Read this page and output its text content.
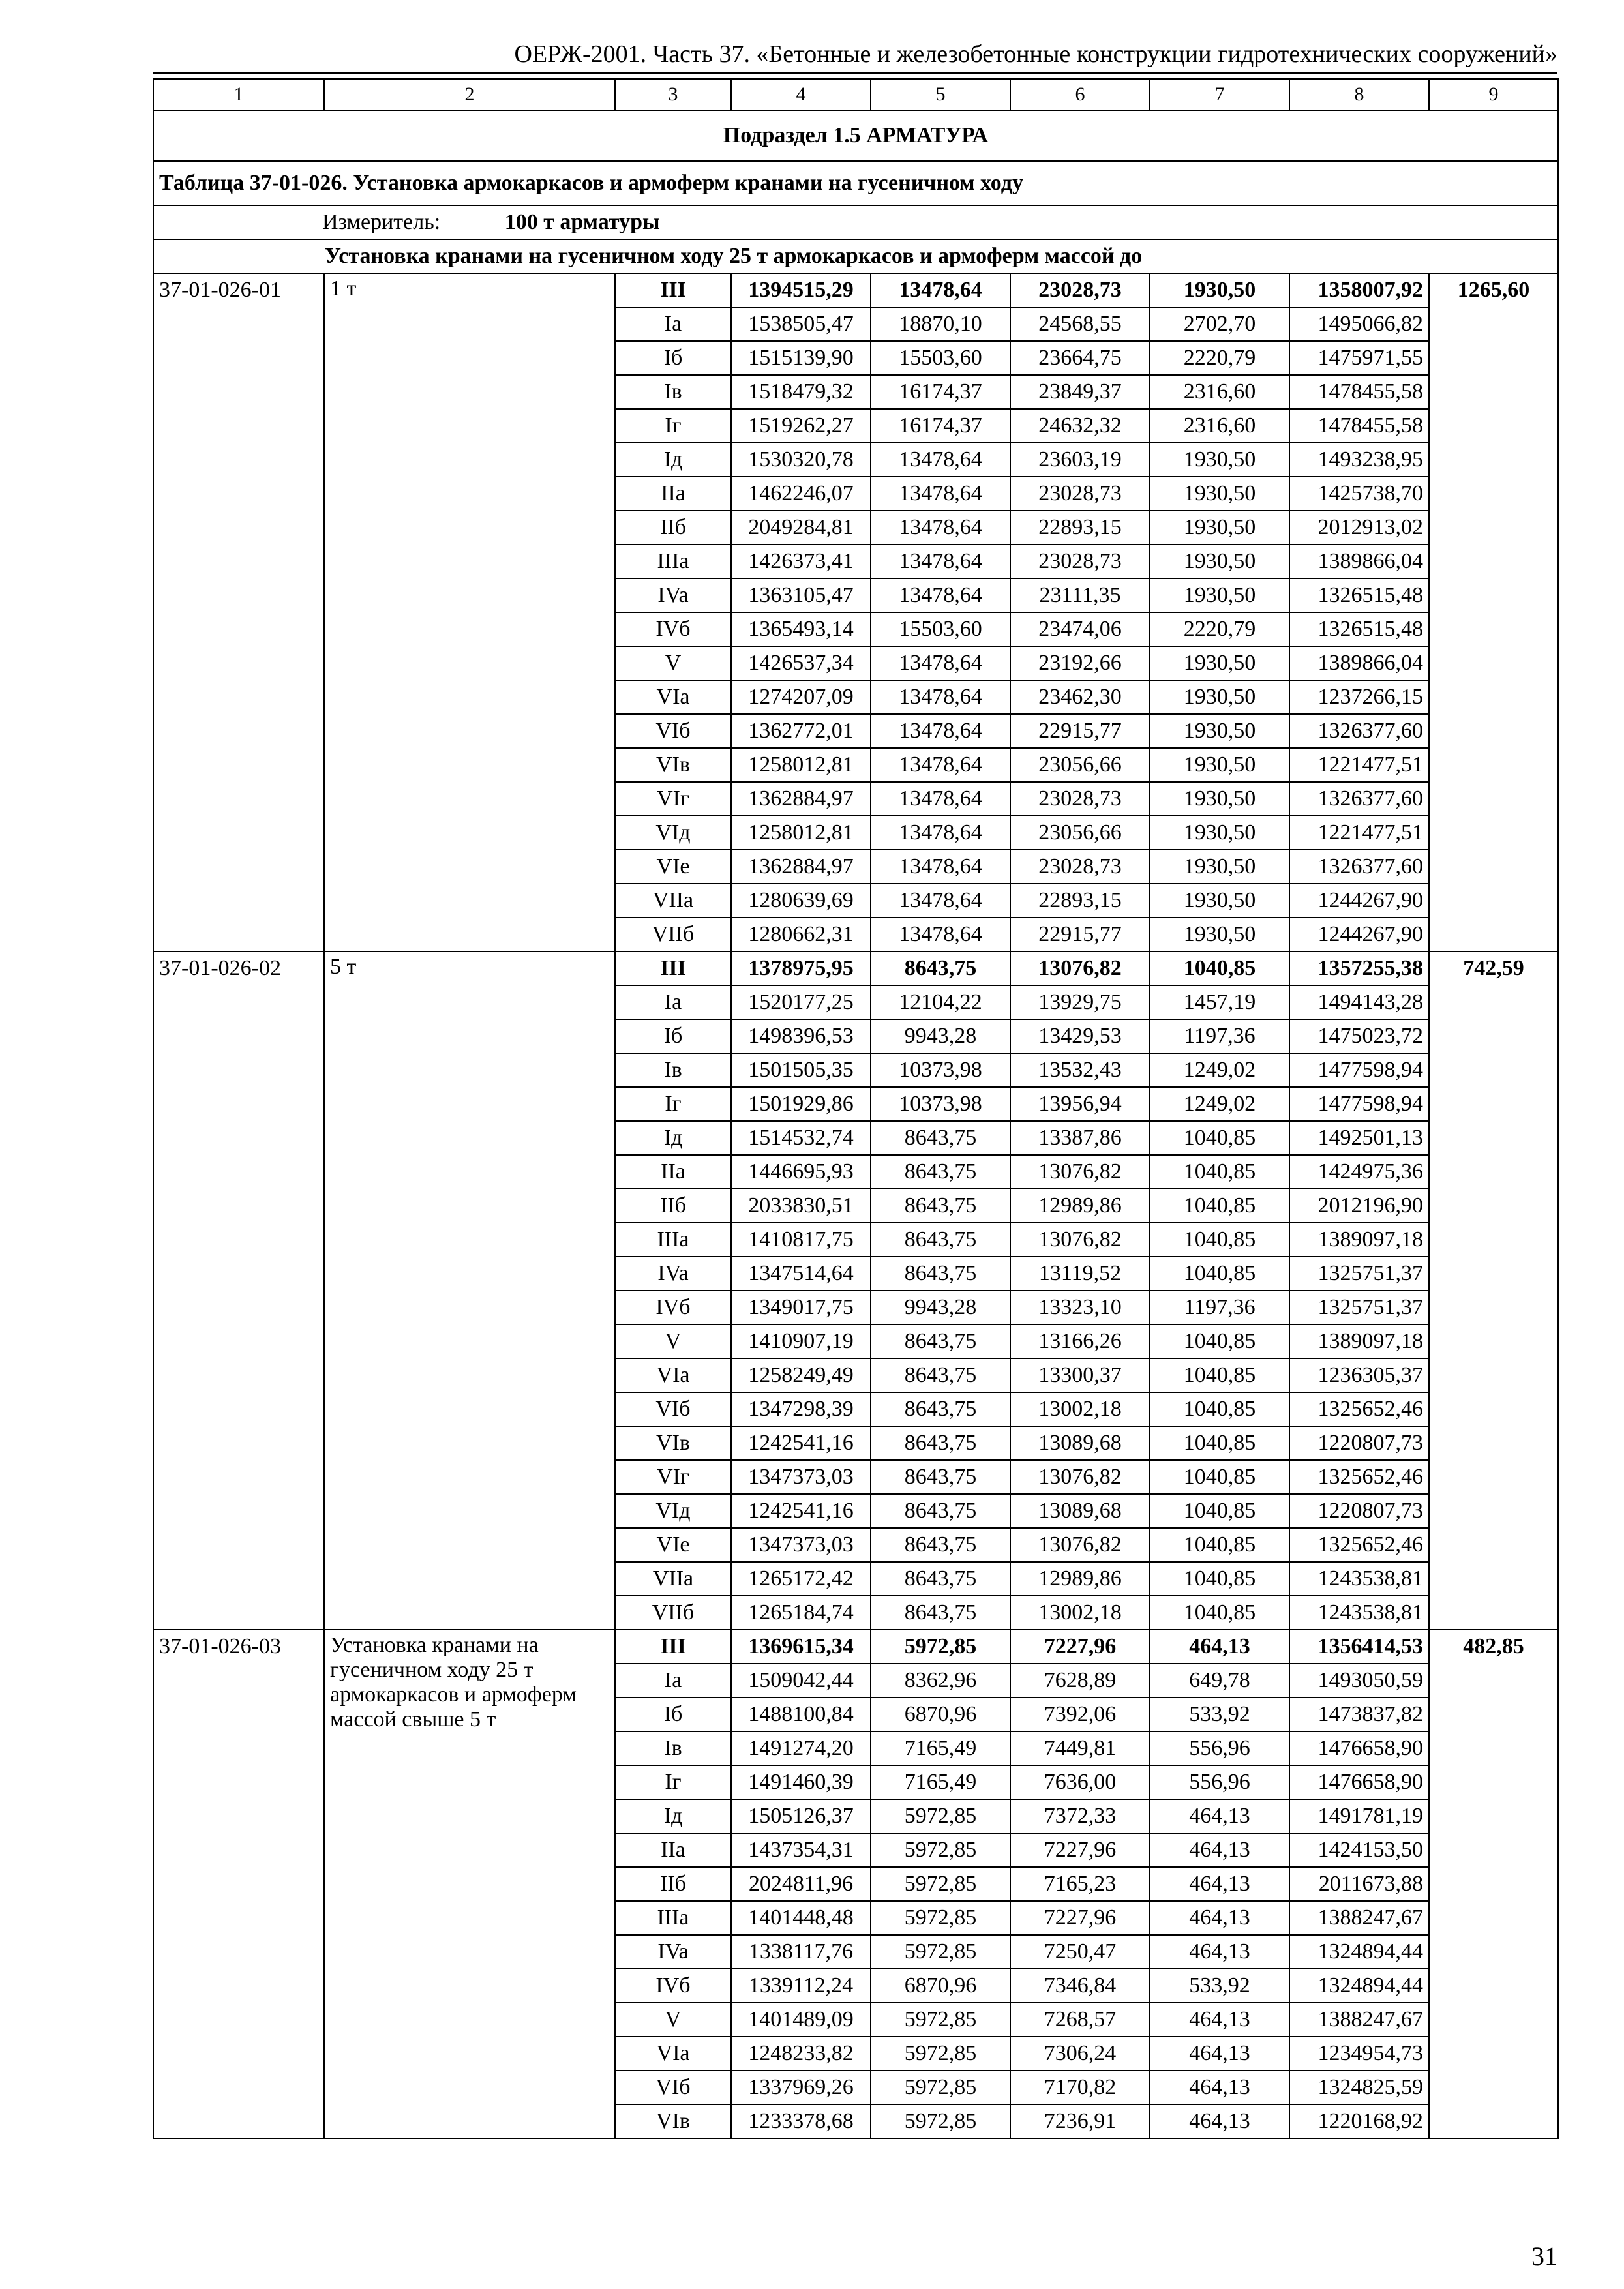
ОЕРЖ-2001. Часть 37. «Бетонные и железобетонные конструкции гидротехнических сооружений»
1	2	3	4	5	6	7	8	9
Подраздел 1.5 АРМАТУРА								
Таблица 37-01-026. Установка армокаркасов и армоферм кранами на гусеничном ходу								
Измеритель: 100 т арматуры								
Установка кранами на гусеничном ходу 25 т армокаркасов и армоферм массой до								
37-01-026-01	1 т	III	1394515,29	13478,64	23028,73	1930,50	1358007,92	1265,60
		Ia	1538505,47	18870,10	24568,55	2702,70	1495066,82	
		Iб	1515139,90	15503,60	23664,75	2220,79	1475971,55	
		Iв	1518479,32	16174,37	23849,37	2316,60	1478455,58	
		Iг	1519262,27	16174,37	24632,32	2316,60	1478455,58	
		Iд	1530320,78	13478,64	23603,19	1930,50	1493238,95	
		IIa	1462246,07	13478,64	23028,73	1930,50	1425738,70	
		IIб	2049284,81	13478,64	22893,15	1930,50	2012913,02	
		IIIa	1426373,41	13478,64	23028,73	1930,50	1389866,04	
		IVa	1363105,47	13478,64	23111,35	1930,50	1326515,48	
		IVб	1365493,14	15503,60	23474,06	2220,79	1326515,48	
		V	1426537,34	13478,64	23192,66	1930,50	1389866,04	
		VIa	1274207,09	13478,64	23462,30	1930,50	1237266,15	
		VIб	1362772,01	13478,64	22915,77	1930,50	1326377,60	
		VIв	1258012,81	13478,64	23056,66	1930,50	1221477,51	
		VIг	1362884,97	13478,64	23028,73	1930,50	1326377,60	
		VIд	1258012,81	13478,64	23056,66	1930,50	1221477,51	
		VIe	1362884,97	13478,64	23028,73	1930,50	1326377,60	
		VIIa	1280639,69	13478,64	22893,15	1930,50	1244267,90	
		VIIб	1280662,31	13478,64	22915,77	1930,50	1244267,90	
37-01-026-02	5 т	III	1378975,95	8643,75	13076,82	1040,85	1357255,38	742,59
		Ia	1520177,25	12104,22	13929,75	1457,19	1494143,28	
		Iб	1498396,53	9943,28	13429,53	1197,36	1475023,72	
		Iв	1501505,35	10373,98	13532,43	1249,02	1477598,94	
		Iг	1501929,86	10373,98	13956,94	1249,02	1477598,94	
		Iд	1514532,74	8643,75	13387,86	1040,85	1492501,13	
		IIa	1446695,93	8643,75	13076,82	1040,85	1424975,36	
		IIб	2033830,51	8643,75	12989,86	1040,85	2012196,90	
		IIIa	1410817,75	8643,75	13076,82	1040,85	1389097,18	
		IVa	1347514,64	8643,75	13119,52	1040,85	1325751,37	
		IVб	1349017,75	9943,28	13323,10	1197,36	1325751,37	
		V	1410907,19	8643,75	13166,26	1040,85	1389097,18	
		VIa	1258249,49	8643,75	13300,37	1040,85	1236305,37	
		VIб	1347298,39	8643,75	13002,18	1040,85	1325652,46	
		VIв	1242541,16	8643,75	13089,68	1040,85	1220807,73	
		VIг	1347373,03	8643,75	13076,82	1040,85	1325652,46	
		VIд	1242541,16	8643,75	13089,68	1040,85	1220807,73	
		VIe	1347373,03	8643,75	13076,82	1040,85	1325652,46	
		VIIa	1265172,42	8643,75	12989,86	1040,85	1243538,81	
		VIIб	1265184,74	8643,75	13002,18	1040,85	1243538,81	
37-01-026-03	Установка кранами на гусеничном ходу 25 т армокаркасов и армоферм массой свыше 5 т	III	1369615,34	5972,85	7227,96	464,13	1356414,53	482,85
		Ia	1509042,44	8362,96	7628,89	649,78	1493050,59	
		Iб	1488100,84	6870,96	7392,06	533,92	1473837,82	
		Iв	1491274,20	7165,49	7449,81	556,96	1476658,90	
		Iг	1491460,39	7165,49	7636,00	556,96	1476658,90	
		Iд	1505126,37	5972,85	7372,33	464,13	1491781,19	
		IIa	1437354,31	5972,85	7227,96	464,13	1424153,50	
		IIб	2024811,96	5972,85	7165,23	464,13	2011673,88	
		IIIa	1401448,48	5972,85	7227,96	464,13	1388247,67	
		IVa	1338117,76	5972,85	7250,47	464,13	1324894,44	
		IVб	1339112,24	6870,96	7346,84	533,92	1324894,44	
		V	1401489,09	5972,85	7268,57	464,13	1388247,67	
		VIa	1248233,82	5972,85	7306,24	464,13	1234954,73	
		VIб	1337969,26	5972,85	7170,82	464,13	1324825,59	
		VIв	1233378,68	5972,85	7236,91	464,13	1220168,92	
31
